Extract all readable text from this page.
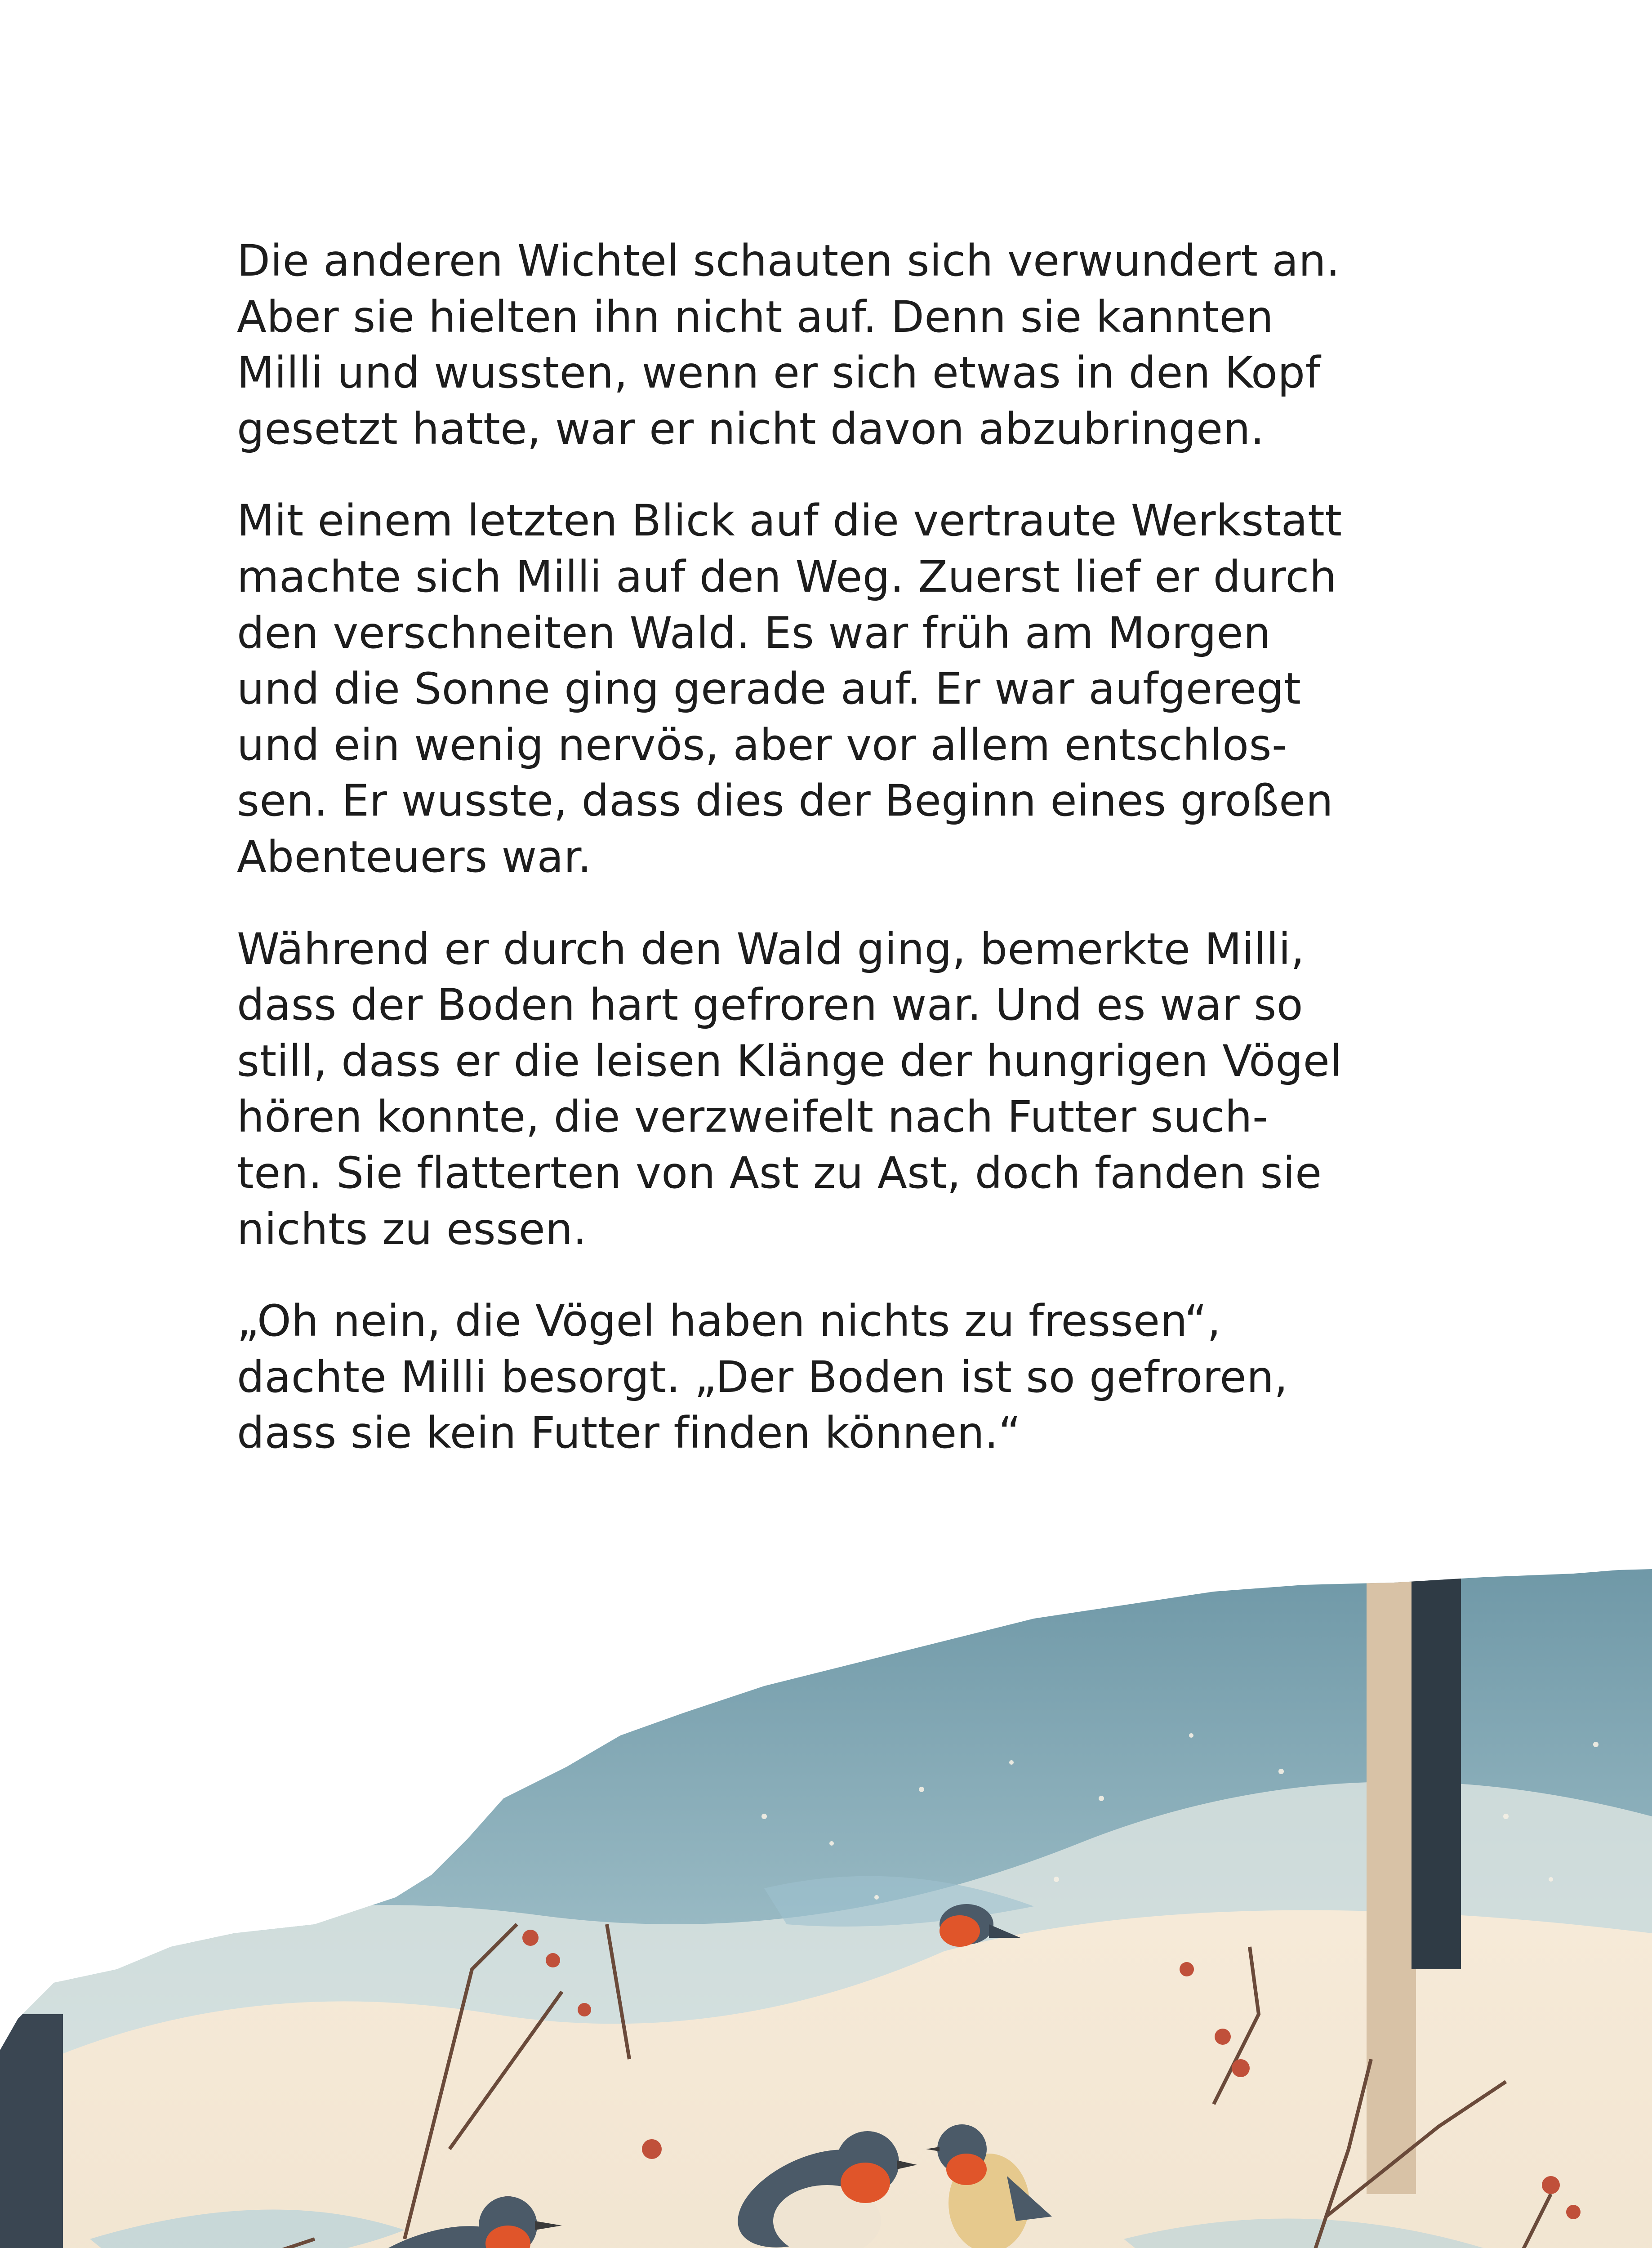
Die anderen Wichtel schauten sich verwundert an.
Aber sie hielten ihn nicht auf. Denn sie kannten
Milli und wussten, wenn er sich etwas in den Kopf
gesetzt hatte, war er nicht davon abzubringen.

Mit einem letzten Blick auf die vertraute Werkstatt
machte sich Milli auf den Weg. Zuerst lief er durch
den verschneiten Wald. Es war früh am Morgen
und die Sonne ging gerade auf. Er war aufgeregt
und ein wenig nervös, aber vor allem entschlos-
sen. Er wusste, dass dies der Beginn eines großen
Abenteuers war.

Während er durch den Wald ging, bemerkte Milli,
dass der Boden hart gefroren war. Und es war so
still, dass er die leisen Klänge der hungrigen Vögel
hören konnte, die verzweifelt nach Futter such-
ten. Sie flatterten von Ast zu Ast, doch fanden sie
nichts zu essen.

„Oh nein, die Vögel haben nichts zu fressen“,
dachte Milli besorgt. „Der Boden ist so gefroren,
dass sie kein Futter finden können.“
